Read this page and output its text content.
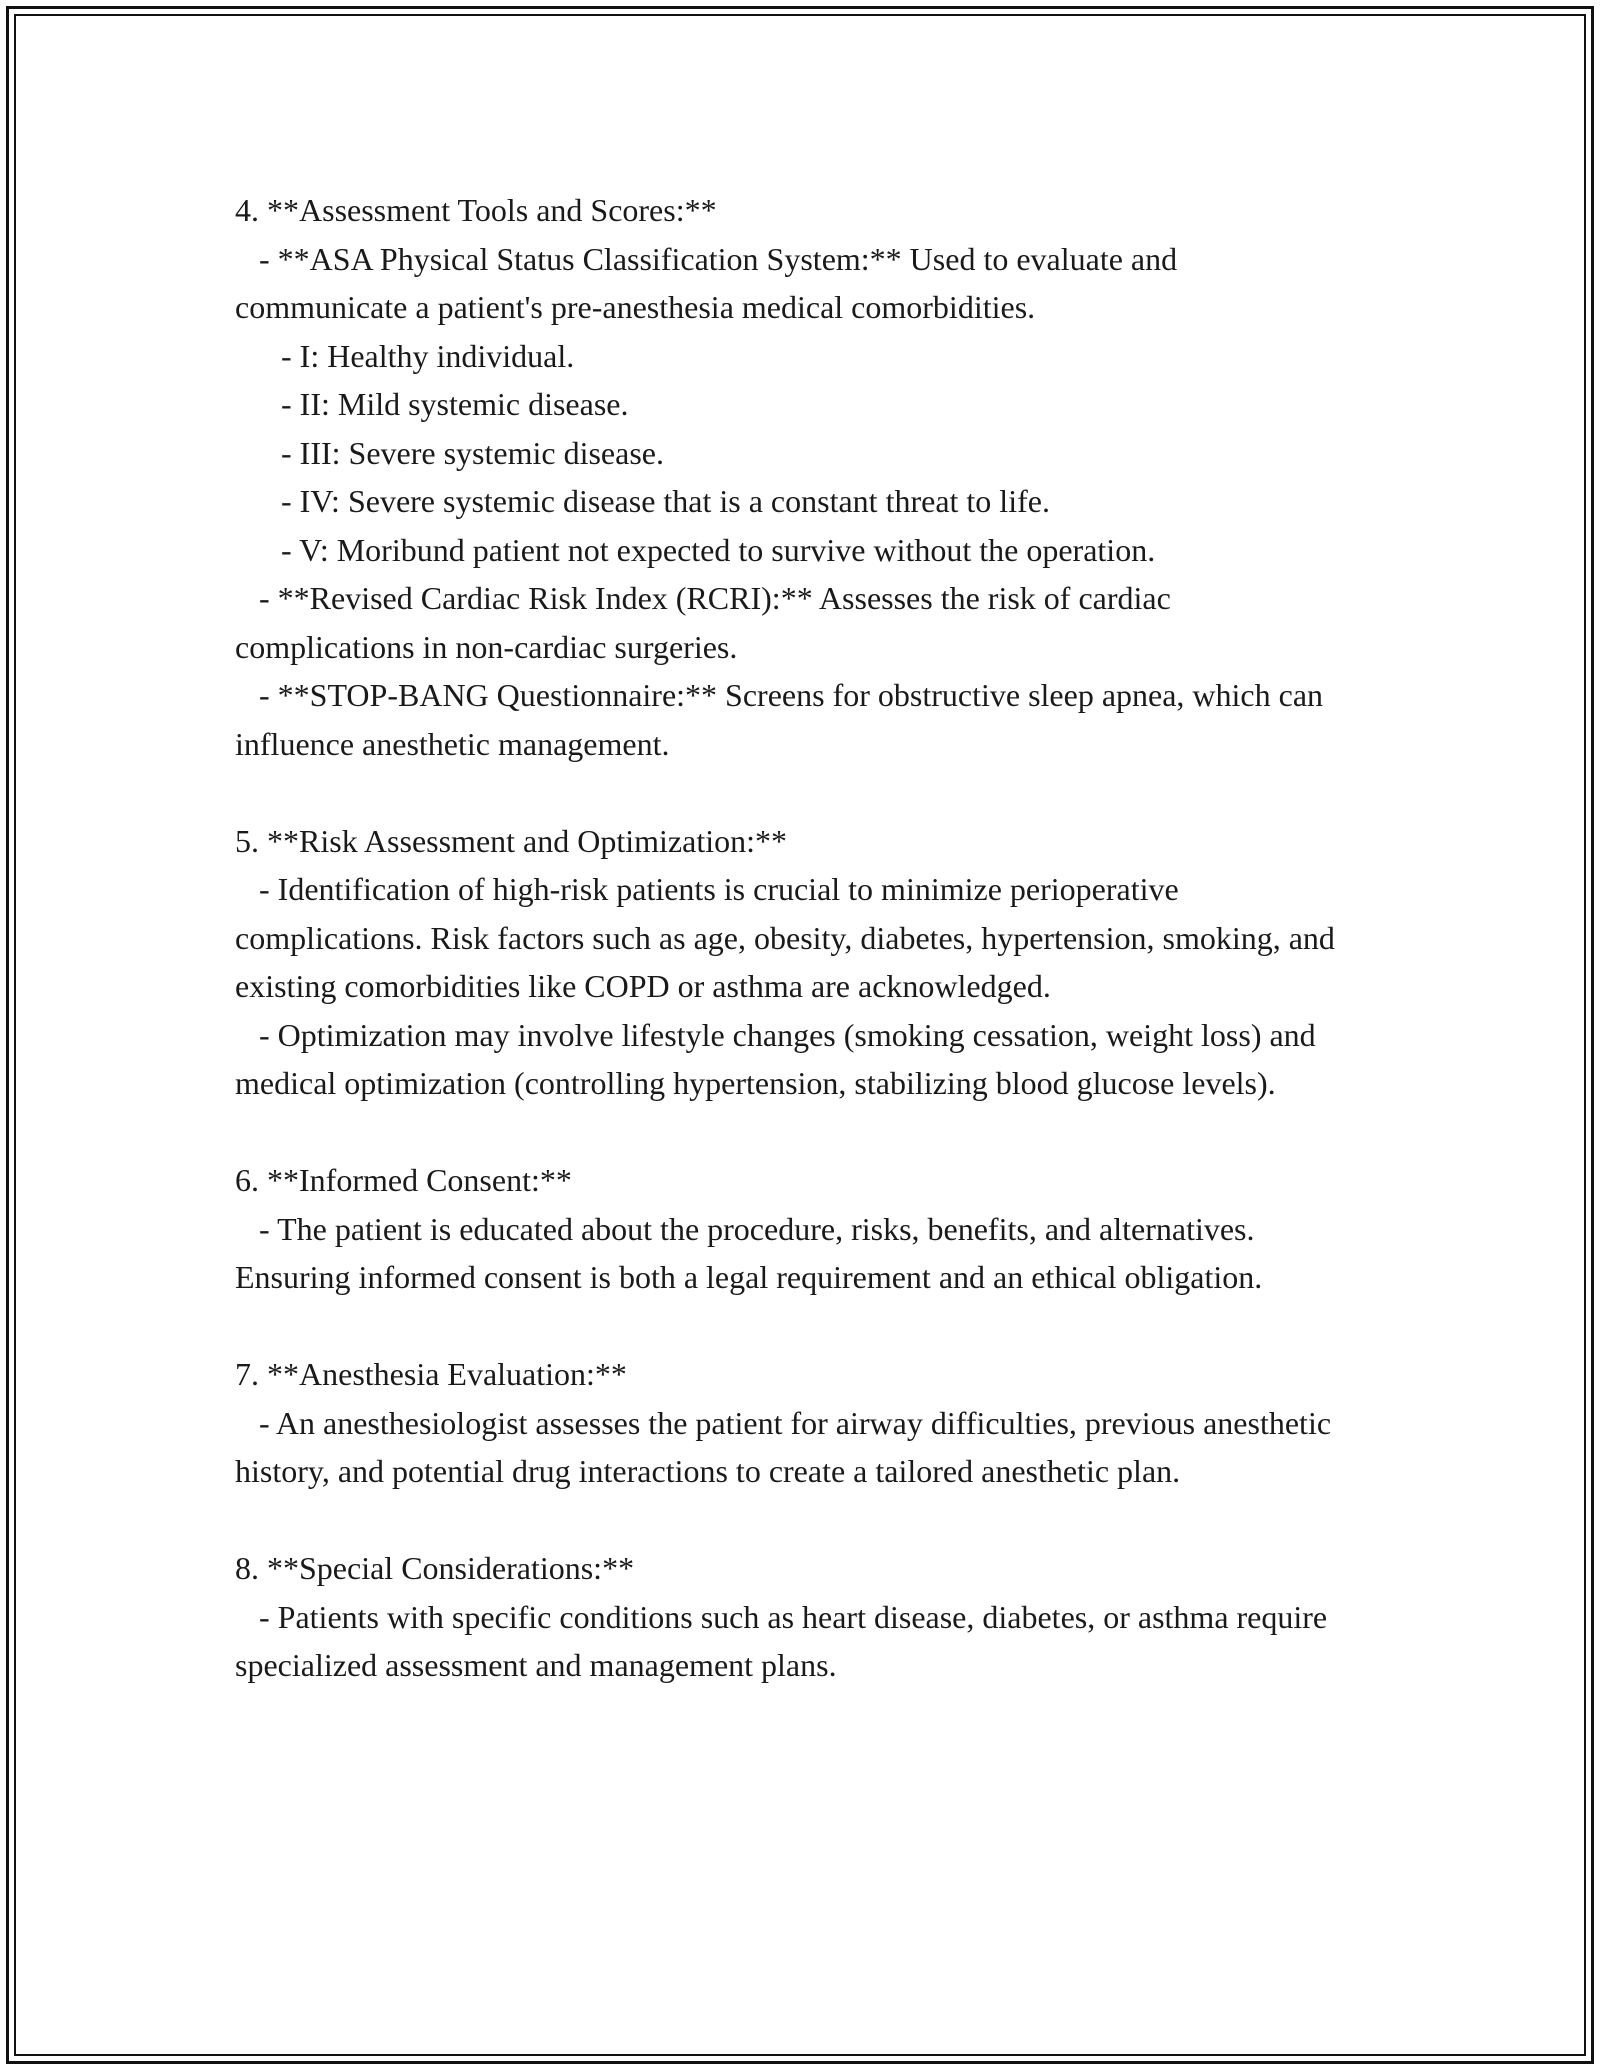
4. **Assessment Tools and Scores:**

- **ASA Physical Status Classification System:** Used to evaluate and communicate a patient's pre-anesthesia medical comorbidities.

- I: Healthy individual.

- II: Mild systemic disease.

- III: Severe systemic disease.

- IV: Severe systemic disease that is a constant threat to life.

- V: Moribund patient not expected to survive without the operation.

- **Revised Cardiac Risk Index (RCRI):** Assesses the risk of cardiac complications in non-cardiac surgeries.

- **STOP-BANG Questionnaire:** Screens for obstructive sleep apnea, which can influence anesthetic management.

5. **Risk Assessment and Optimization:**

- Identification of high-risk patients is crucial to minimize perioperative complications. Risk factors such as age, obesity, diabetes, hypertension, smoking, and existing comorbidities like COPD or asthma are acknowledged.

- Optimization may involve lifestyle changes (smoking cessation, weight loss) and medical optimization (controlling hypertension, stabilizing blood glucose levels).

6. **Informed Consent:**

- The patient is educated about the procedure, risks, benefits, and alternatives. Ensuring informed consent is both a legal requirement and an ethical obligation.

7. **Anesthesia Evaluation:**

- An anesthesiologist assesses the patient for airway difficulties, previous anesthetic history, and potential drug interactions to create a tailored anesthetic plan.

8. **Special Considerations:**

- Patients with specific conditions such as heart disease, diabetes, or asthma require specialized assessment and management plans.
